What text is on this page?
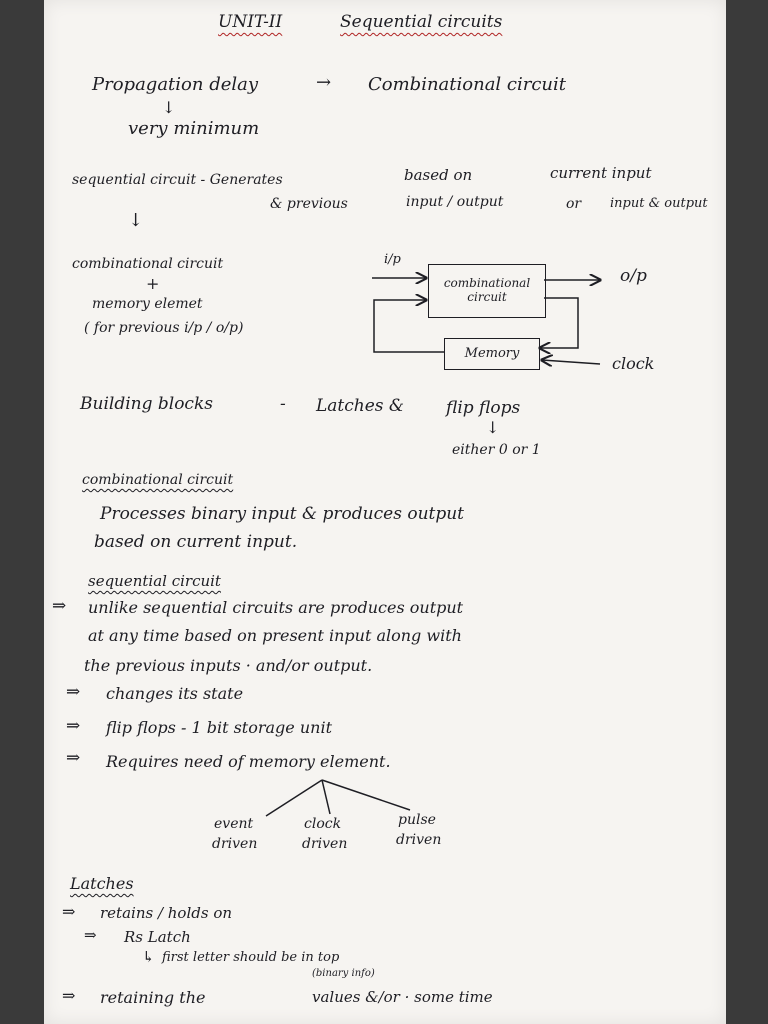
UNIT-II	Sequential circuits
Propagation delay	→ Combinational circuit
↓
very minimum
sequential circuit - Generates	based on	current input
& previous	input / output	or input & output
↓
combinational circuit
+
memory elemet
( for previous i/p / o/p)
i/p
combinational circuit
o/p
Memory
clock
Building blocks	- Latches & flip flops
↓
either 0 or 1
combinational circuit
Processes binary input & produces output
based on current input.
sequential circuit
⇒ unlike sequential circuits are produces output
at any time based on present input along with
the previous inputs · and/or output.
⇒ changes its state
⇒ flip flops - 1 bit storage unit
⇒ Requires need of memory element.
event
driven
clock
driven
pulse
driven
Latches
⇒ retains / holds on
⇒ Rs Latch
↳ first letter should be in top
⇒ retaining the
(binary info)
values &/or · some time
